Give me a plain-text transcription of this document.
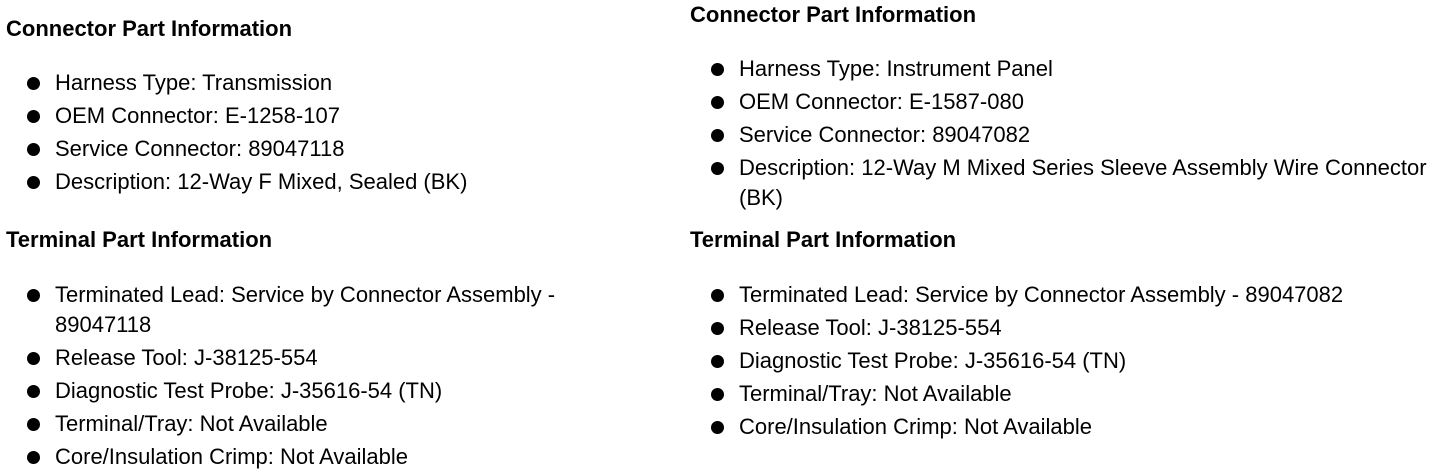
Connector Part Information
Harness Type: Transmission
OEM Connector: E-1258-107
Service Connector: 89047118
Description: 12-Way F Mixed, Sealed (BK)
Terminal Part Information
Terminated Lead: Service by Connector Assembly - 89047118
Release Tool: J-38125-554
Diagnostic Test Probe: J-35616-54 (TN)
Terminal/Tray: Not Available
Core/Insulation Crimp: Not Available
Connector Part Information
Harness Type: Instrument Panel
OEM Connector: E-1587-080
Service Connector: 89047082
Description: 12-Way M Mixed Series Sleeve Assembly Wire Connector (BK)
Terminal Part Information
Terminated Lead: Service by Connector Assembly - 89047082
Release Tool: J-38125-554
Diagnostic Test Probe: J-35616-54 (TN)
Terminal/Tray: Not Available
Core/Insulation Crimp: Not Available
